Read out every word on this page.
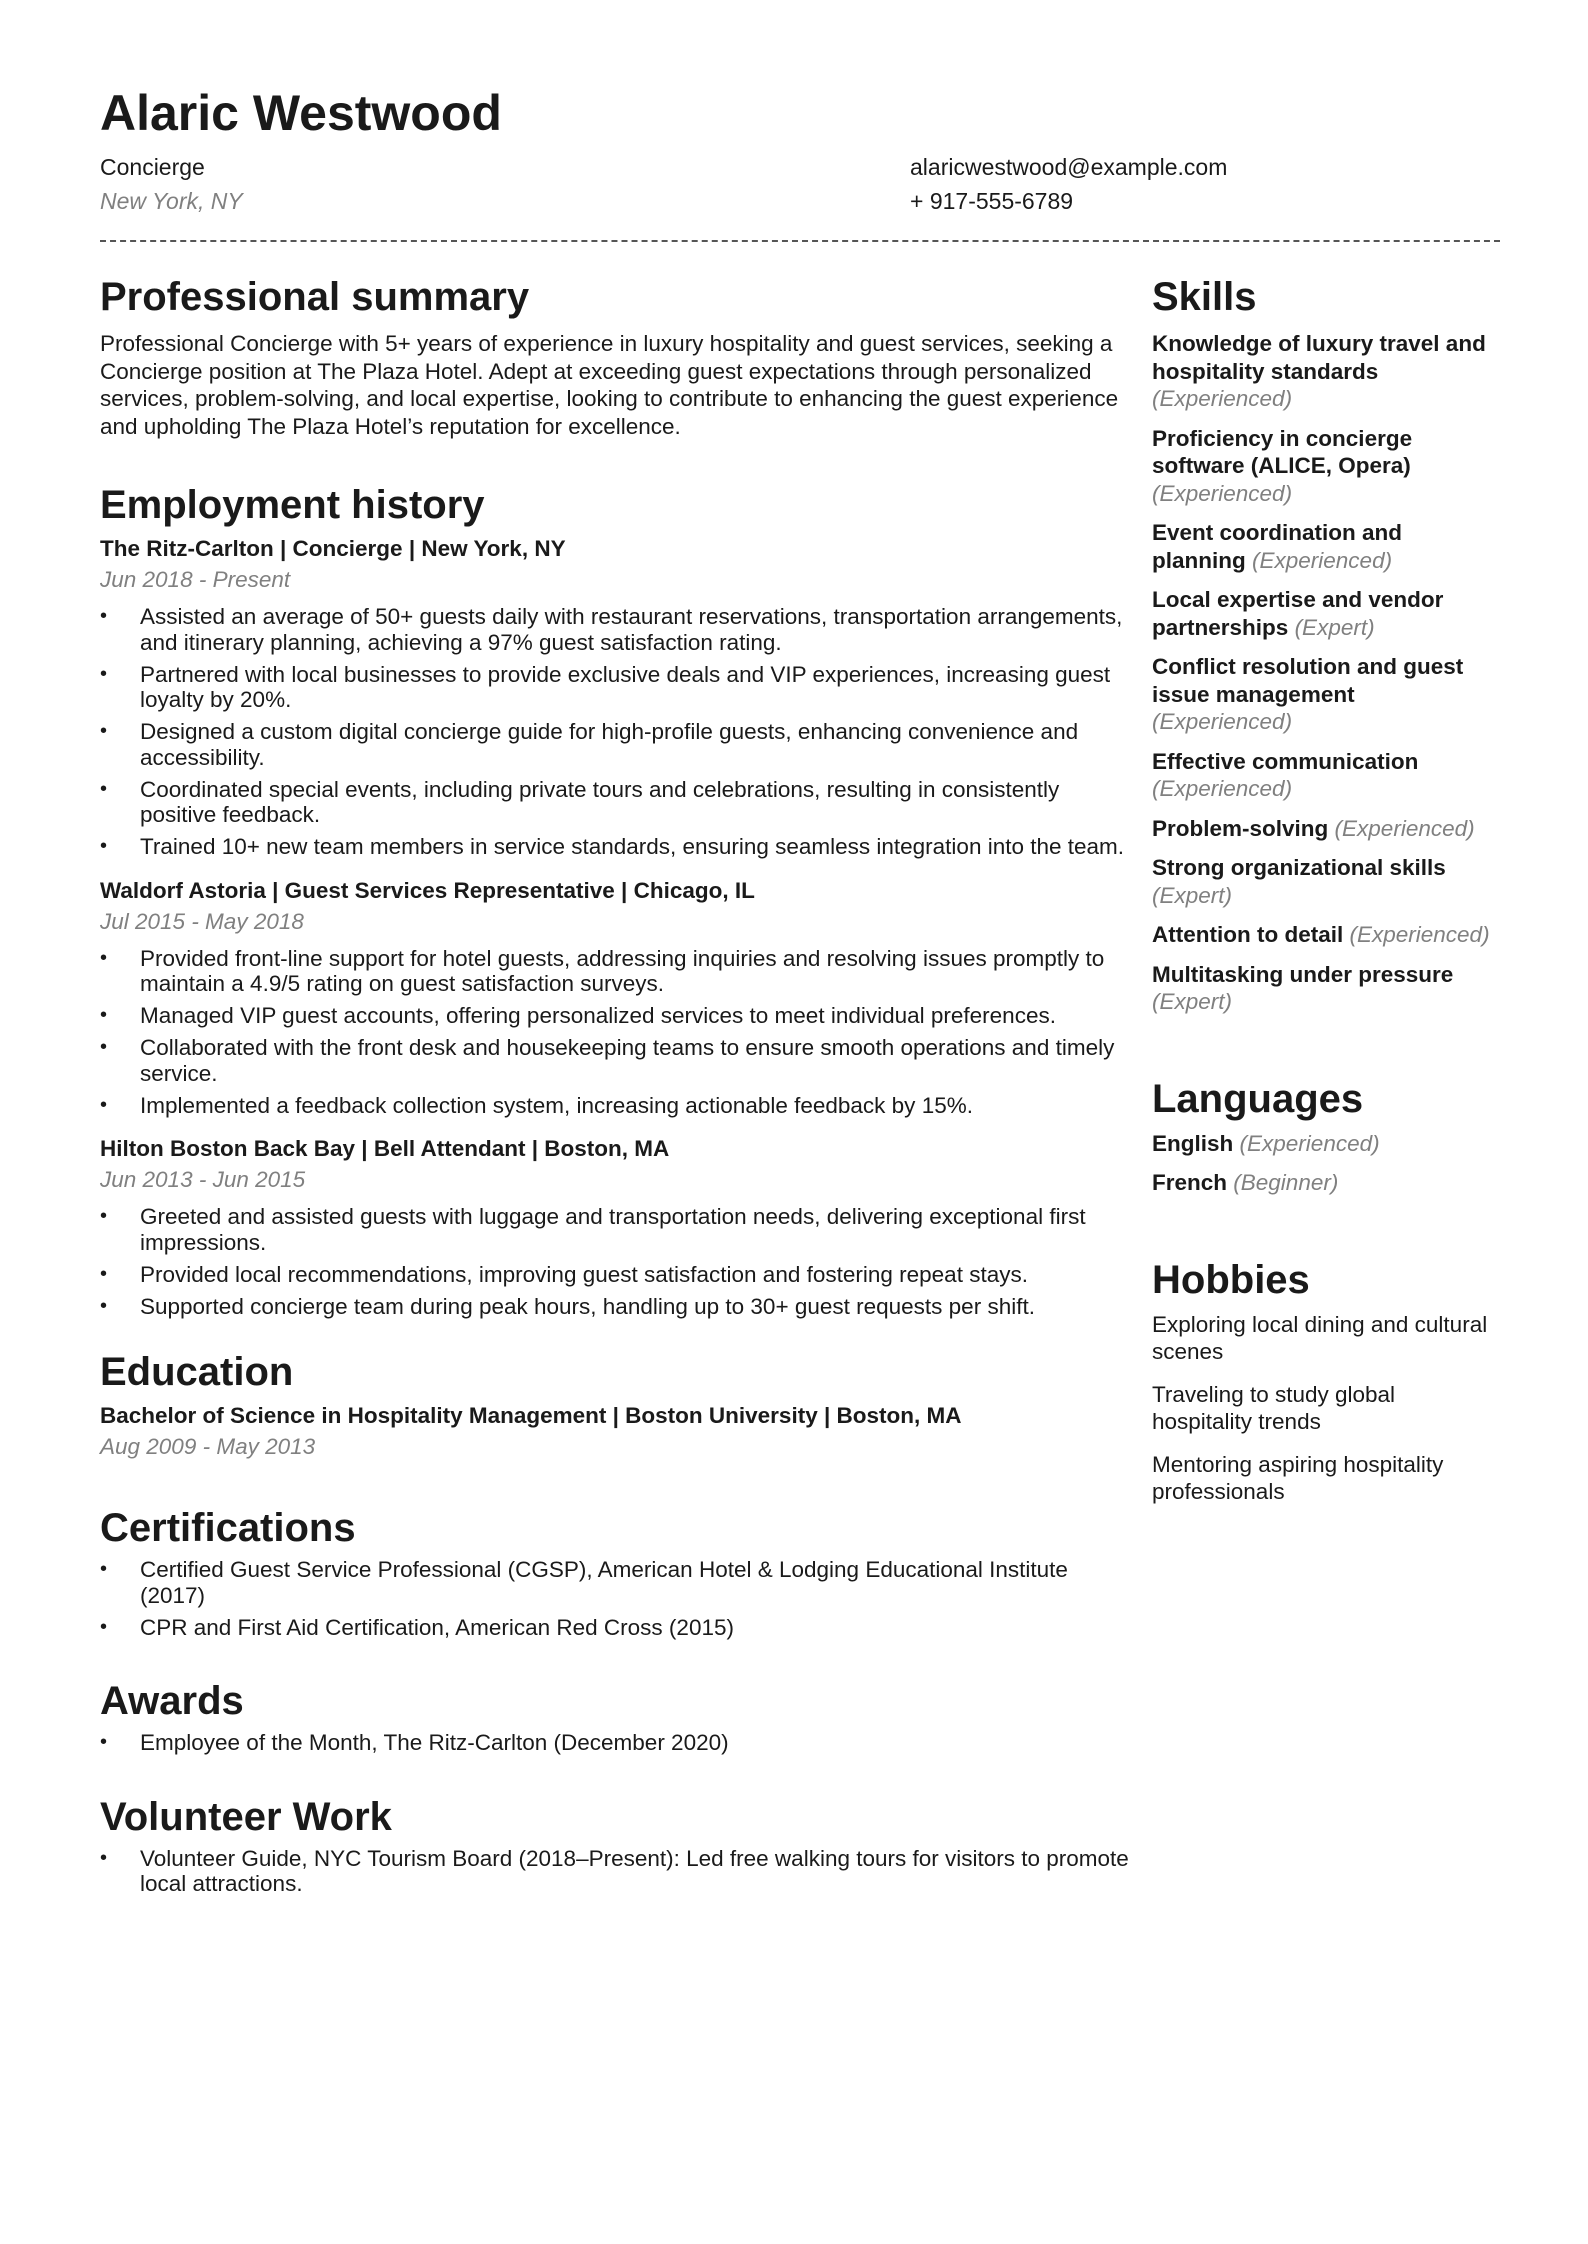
Alaric Westwood
Concierge
New York, NY
alaricwestwood@example.com
+ 917-555-6789
Professional summary
Professional Concierge with 5+ years of experience in luxury hospitality and guest services, seeking a Concierge position at The Plaza Hotel. Adept at exceeding guest expectations through personalized services, problem-solving, and local expertise, looking to contribute to enhancing the guest experience and upholding The Plaza Hotel’s reputation for excellence.
Employment history
The Ritz-Carlton | Concierge | New York, NY
Jun 2018 - Present
• Assisted an average of 50+ guests daily with restaurant reservations, transportation arrangements, and itinerary planning, achieving a 97% guest satisfaction rating.
• Partnered with local businesses to provide exclusive deals and VIP experiences, increasing guest loyalty by 20%.
• Designed a custom digital concierge guide for high-profile guests, enhancing convenience and accessibility.
• Coordinated special events, including private tours and celebrations, resulting in consistently positive feedback.
• Trained 10+ new team members in service standards, ensuring seamless integration into the team.
Waldorf Astoria | Guest Services Representative | Chicago, IL
Jul 2015 - May 2018
• Provided front-line support for hotel guests, addressing inquiries and resolving issues promptly to maintain a 4.9/5 rating on guest satisfaction surveys.
• Managed VIP guest accounts, offering personalized services to meet individual preferences.
• Collaborated with the front desk and housekeeping teams to ensure smooth operations and timely service.
• Implemented a feedback collection system, increasing actionable feedback by 15%.
Hilton Boston Back Bay | Bell Attendant | Boston, MA
Jun 2013 - Jun 2015
• Greeted and assisted guests with luggage and transportation needs, delivering exceptional first impressions.
• Provided local recommendations, improving guest satisfaction and fostering repeat stays.
• Supported concierge team during peak hours, handling up to 30+ guest requests per shift.
Education
Bachelor of Science in Hospitality Management | Boston University | Boston, MA
Aug 2009 - May 2013
Certifications
• Certified Guest Service Professional (CGSP), American Hotel & Lodging Educational Institute (2017)
• CPR and First Aid Certification, American Red Cross (2015)
Awards
• Employee of the Month, The Ritz-Carlton (December 2020)
Volunteer Work
• Volunteer Guide, NYC Tourism Board (2018–Present): Led free walking tours for visitors to promote local attractions.
Skills
Knowledge of luxury travel and hospitality standards (Experienced)
Proficiency in concierge software (ALICE, Opera) (Experienced)
Event coordination and planning (Experienced)
Local expertise and vendor partnerships (Expert)
Conflict resolution and guest issue management (Experienced)
Effective communication (Experienced)
Problem-solving (Experienced)
Strong organizational skills (Expert)
Attention to detail (Experienced)
Multitasking under pressure (Expert)
Languages
English (Experienced)
French (Beginner)
Hobbies
Exploring local dining and cultural scenes
Traveling to study global hospitality trends
Mentoring aspiring hospitality professionals
